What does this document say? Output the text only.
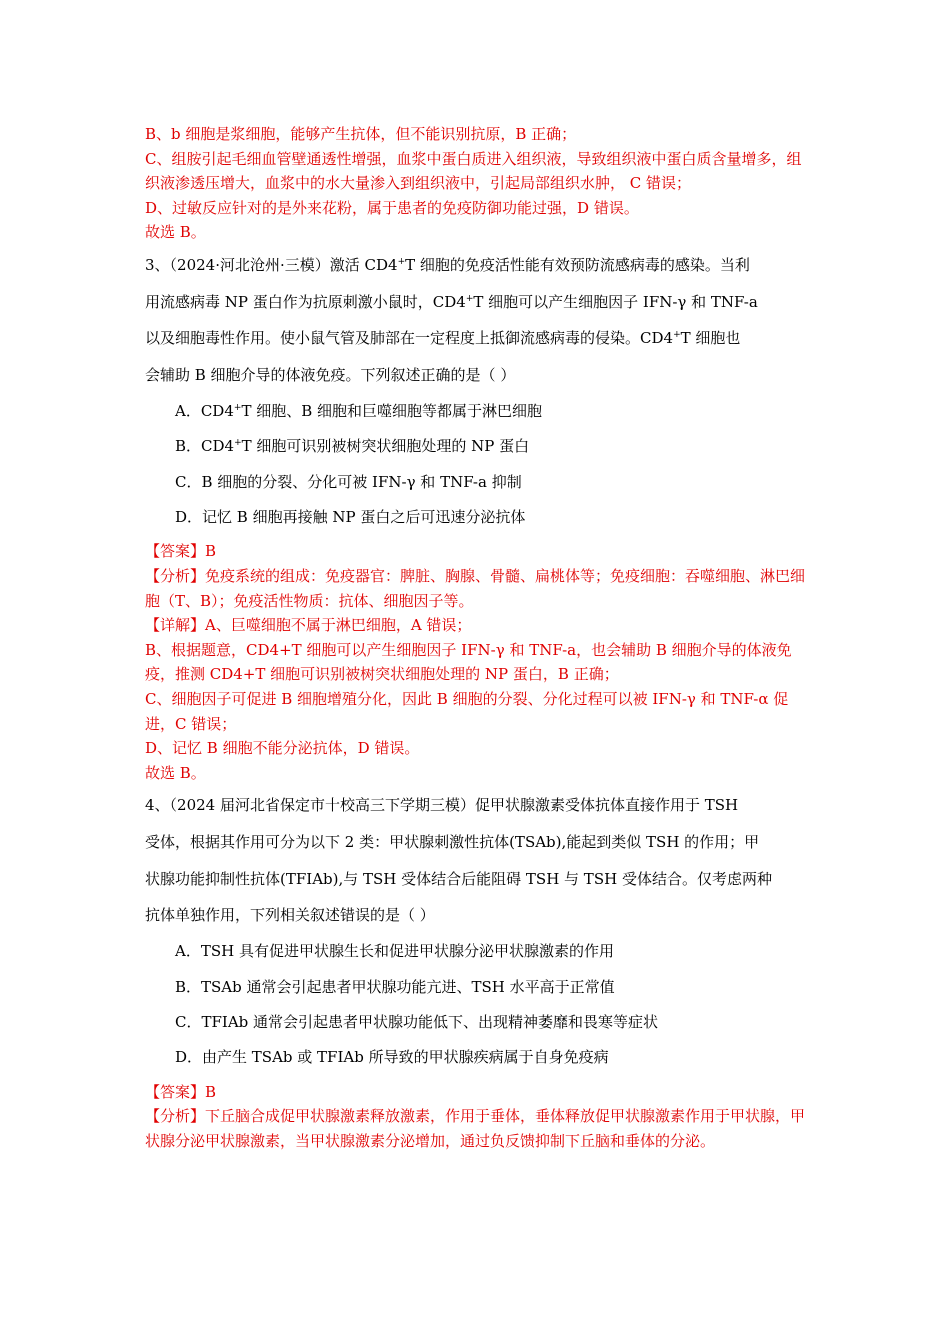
B、b 细胞是浆细胞，能够产生抗体，但不能识别抗原，B 正确；
C、组胺引起毛细血管壁通透性增强，血浆中蛋白质进入组织液，导致组织液中蛋白质含量增多，组织液渗透压增大，血浆中的水大量渗入到组织液中，引起局部组织水肿， C 错误；
D、过敏反应针对的是外来花粉，属于患者的免疫防御功能过强，D 错误。
故选 B。
3、（2024·河北沧州·三模）激活 CD4+T 细胞的免疫活性能有效预防流感病毒的感染。当利
用流感病毒 NP 蛋白作为抗原刺激小鼠时，CD4+T 细胞可以产生细胞因子 IFN-γ 和 TNF-a
以及细胞毒性作用。使小鼠气管及肺部在一定程度上抵御流感病毒的侵染。CD4+T 细胞也
会辅助 B 细胞介导的体液免疫。下列叙述正确的是（ ）
A．CD4+T 细胞、B 细胞和巨噬细胞等都属于淋巴细胞
B．CD4+T 细胞可识别被树突状细胞处理的 NP 蛋白
C．B 细胞的分裂、分化可被 IFN-γ 和 TNF-a 抑制
D．记忆 B 细胞再接触 NP 蛋白之后可迅速分泌抗体
【答案】B
【分析】免疫系统的组成：免疫器官：脾脏、胸腺、骨髓、扁桃体等；免疫细胞：吞噬细胞、淋巴细胞（T、B）；免疫活性物质：抗体、细胞因子等。
【详解】A、巨噬细胞不属于淋巴细胞，A 错误；
B、根据题意，CD4+T 细胞可以产生细胞因子 IFN-γ 和 TNF-a，也会辅助 B 细胞介导的体液免疫，推测 CD4+T 细胞可识别被树突状细胞处理的 NP 蛋白，B 正确；
C、细胞因子可促进 B 细胞增殖分化，因此 B 细胞的分裂、分化过程可以被 IFN-γ 和 TNF-α 促进，C 错误；
D、记忆 B 细胞不能分泌抗体，D 错误。
故选 B。
4、（2024 届河北省保定市十校高三下学期三模）促甲状腺激素受体抗体直接作用于 TSH
受体，根据其作用可分为以下 2 类：甲状腺刺激性抗体(TSAb),能起到类似 TSH 的作用；甲
状腺功能抑制性抗体(TFIAb),与 TSH 受体结合后能阻碍 TSH 与 TSH 受体结合。仅考虑两种
抗体单独作用，下列相关叙述错误的是（ ）
A．TSH 具有促进甲状腺生长和促进甲状腺分泌甲状腺激素的作用
B．TSAb 通常会引起患者甲状腺功能亢进、TSH 水平高于正常值
C．TFIAb 通常会引起患者甲状腺功能低下、出现精神萎靡和畏寒等症状
D．由产生 TSAb 或 TFIAb 所导致的甲状腺疾病属于自身免疫病
【答案】B
【分析】下丘脑合成促甲状腺激素释放激素，作用于垂体，垂体释放促甲状腺激素作用于甲状腺，甲状腺分泌甲状腺激素，当甲状腺激素分泌增加，通过负反馈抑制下丘脑和垂体的分泌。
